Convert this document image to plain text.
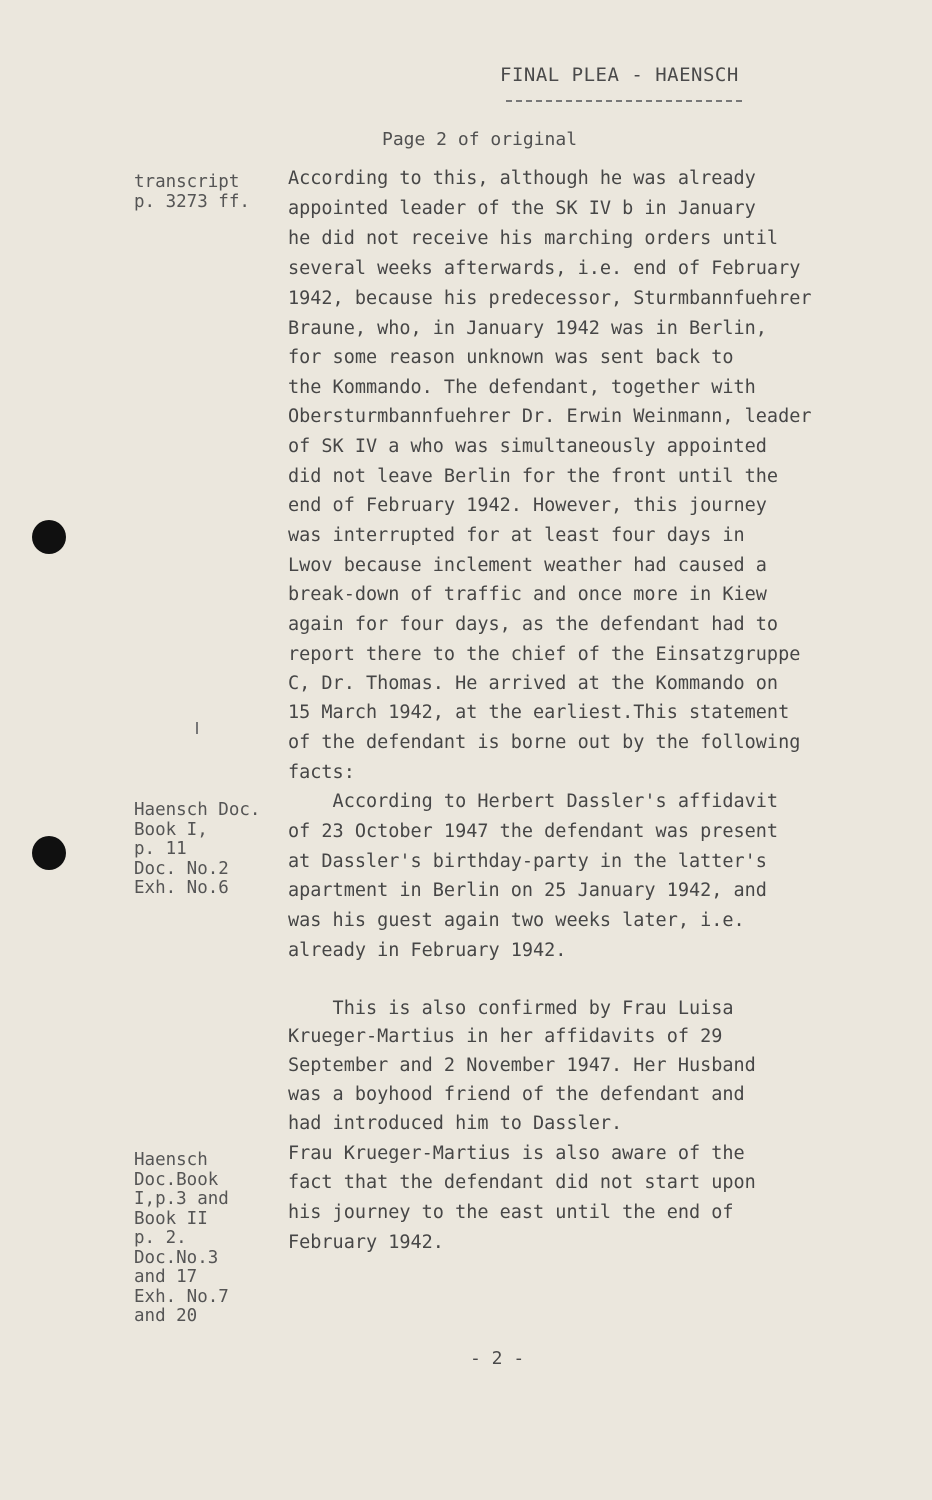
FINAL PLEA - HAENSCH
Page 2 of original
transcript
p. 3273 ff.
Haensch Doc.
Book I,
p. 11
Doc. No.2
Exh. No.6
Haensch
Doc.Book
I,p.3 and
Book II
p. 2.
Doc.No.3
and 17
Exh. No.7
and 20
According to this, although he was already
appointed leader of the SK IV b in January
he did not receive his marching orders until
several weeks afterwards, i.e. end of February
1942, because his predecessor, Sturmbannfuehrer
Braune, who, in January 1942 was in Berlin,
for some reason unknown was sent back to
the Kommando. The defendant, together with
Obersturmbannfuehrer Dr. Erwin Weinmann, leader
of SK IV a who was simultaneously appointed
did not leave Berlin for the front until the
end of February 1942. However, this journey
was interrupted for at least four days in
Lwov because inclement weather had caused a
break-down of traffic and once more in Kiew
again for four days, as the defendant had to
report there to the chief of the Einsatzgruppe
C, Dr. Thomas. He arrived at the Kommando on
15 March 1942, at the earliest.This statement
of the defendant is borne out by the following
facts:
According to Herbert Dassler's affidavit
of 23 October 1947 the defendant was present
at Dassler's birthday-party in the latter's
apartment in Berlin on 25 January 1942, and
was his guest again two weeks later, i.e.
already in February 1942.
This is also confirmed by Frau Luisa
Krueger-Martius in her affidavits of 29
September and 2 November 1947. Her Husband
was a boyhood friend of the defendant and
had introduced him to Dassler.
Frau Krueger-Martius is also aware of the
fact that the defendant did not start upon
his journey to the east until the end of
February 1942.
- 2 -
